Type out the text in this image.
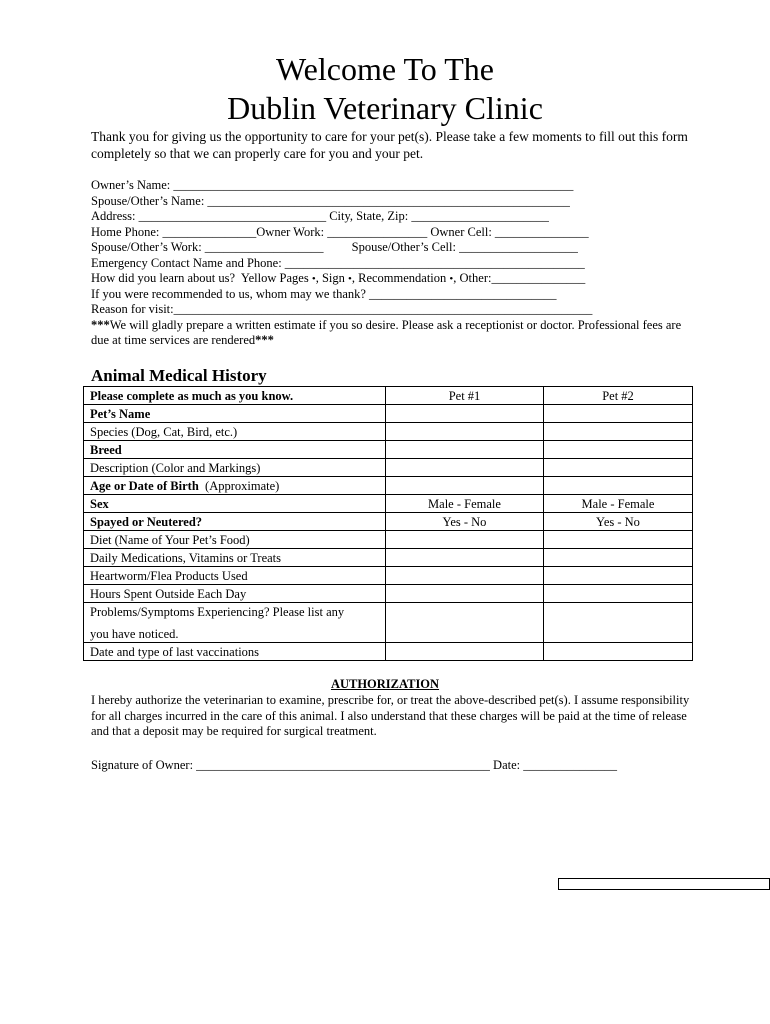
Welcome To The
Dublin Veterinary Clinic
Thank you for giving us the opportunity to care for your pet(s). Please take a few moments to fill out this form completely so that we can properly care for you and your pet.
Owner’s Name: ________________________________________________________________
Spouse/Other’s Name: __________________________________________________________
Address: ______________________________ City, State, Zip: ______________________
Home Phone: _______________Owner Work: ________________ Owner Cell: _______________
Spouse/Other’s Work: ___________________         Spouse/Other’s Cell: ___________________
Emergency Contact Name and Phone: ________________________________________________
How did you learn about us?  Yellow Pages •, Sign •, Recommendation •, Other:_______________
If you were recommended to us, whom may we thank? ______________________________
Reason for visit:___________________________________________________________________
***We will gladly prepare a written estimate if you so desire. Please ask a receptionist or doctor. Professional fees are due at time services are rendered***
Animal Medical History
Please complete as much as you know.	Pet #1	Pet #2
Pet’s Name		
Species (Dog, Cat, Bird, etc.)		
Breed		
Description (Color and Markings)		
Age or Date of Birth  (Approximate)		
Sex	Male - Female	Male - Female
Spayed or Neutered?	Yes - No	Yes - No
Diet (Name of Your Pet’s Food)		
Daily Medications, Vitamins or Treats		
Heartworm/Flea Products Used		
Hours Spent Outside Each Day		

Problems/Symptoms Experiencing? Please list any
you have noticed.		

Date and type of last vaccinations		
AUTHORIZATION
I hereby authorize the veterinarian to examine, prescribe for, or treat the above-described pet(s). I assume responsibility for all charges incurred in the care of this animal. I also understand that these charges will be paid at the time of release and that a deposit may be required for surgical treatment.
Signature of Owner: _______________________________________________ Date: _______________
